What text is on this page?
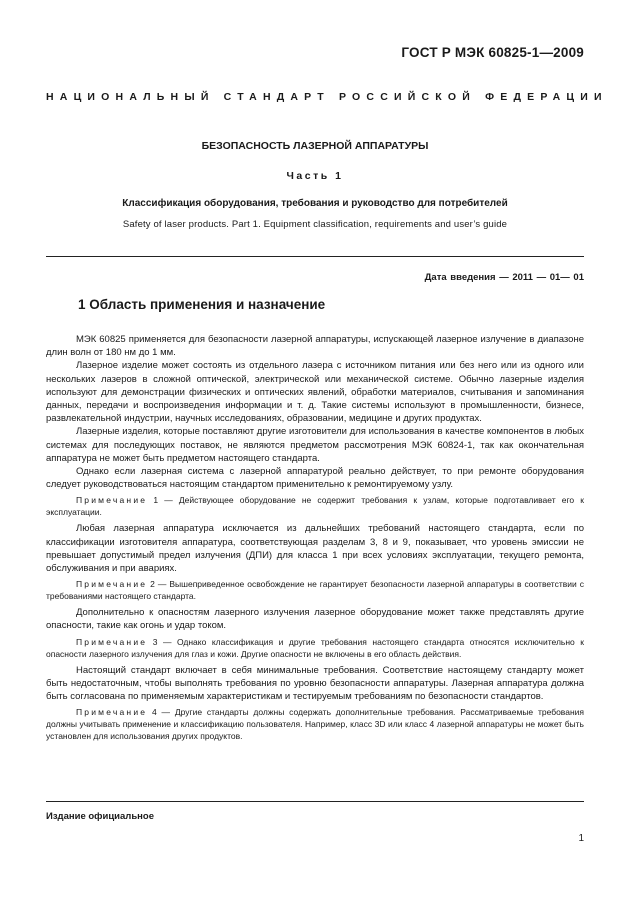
ГОСТ Р МЭК 60825-1—2009
НАЦИОНАЛЬНЫЙ СТАНДАРТ РОССИЙСКОЙ ФЕДЕРАЦИИ
БЕЗОПАСНОСТЬ ЛАЗЕРНОЙ АППАРАТУРЫ
Часть 1
Классификация оборудования, требования и руководство для потребителей
Safety of laser products. Part 1. Equipment classification, requirements and user’s guide
Дата введения — 2011 — 01— 01
1 Область применения и назначение

МЭК 60825 применяется для безопасности лазерной аппаратуры, испускающей лазерное излучение в диапазоне длин волн от 180 нм до 1 мм.

Лазерное изделие может состоять из отдельного лазера с источником питания или без него или из одного или нескольких лазеров в сложной оптической, электрической или механической системе. Обычно лазерные изделия используют для демонстрации физических и оптических явлений, обработки материалов, считывания и запоминания данных, передачи и воспроизведения информации и т. д. Такие системы используют в промышленности, бизнесе, развлекательной индустрии, научных исследованиях, образовании, медицине и других продуктах.

Лазерные изделия, которые поставляют другие изготовители для использования в качестве компонентов в любых системах для последующих поставок, не являются предметом рассмотрения МЭК 60824-1, так как окончательная аппаратура не может быть предметом настоящего стандарта.

Однако если лазерная система с лазерной аппаратурой реально действует, то при ремонте оборудования следует руководствоваться настоящим стандартом применительно к ремонтируемому узлу.

Примечание 1 — Действующее оборудование не содержит требования к узлам, которые подготавливает его к эксплуатации.

Любая лазерная аппаратура исключается из дальнейших требований настоящего стандарта, если по классификации изготовителя аппаратура, соответствующая разделам 3, 8 и 9, показывает, что уровень эмиссии не превышает допустимый предел излучения (ДПИ) для класса 1 при всех условиях эксплуатации, текущего ремонта, обслуживания и при авариях.

Примечание 2 — Вышеприведенное освобождение не гарантирует безопасности лазерной аппаратуры в соответствии с требованиями настоящего стандарта.

Дополнительно к опасностям лазерного излучения лазерное оборудование может также представлять другие опасности, такие как огонь и удар током.

Примечание 3 — Однако классификация и другие требования настоящего стандарта относятся исключительно к опасности лазерного излучения для глаз и кожи. Другие опасности не включены в его область действия.

Настоящий стандарт включает в себя минимальные требования. Соответствие настоящему стандарту может быть недостаточным, чтобы выполнять требования по уровню безопасности аппаратуры. Лазерная аппаратура должна быть согласована по применяемым характеристикам и тестируемым требованиям по безопасности стандартов.

Примечание 4 — Другие стандарты должны содержать дополнительные требования. Рассматриваемые требования должны учитывать применение и классификацию пользователя. Например, класс 3D или класс 4 лазерной аппаратуры не может быть установлен для использования других продуктов.

Издание официальное
1
